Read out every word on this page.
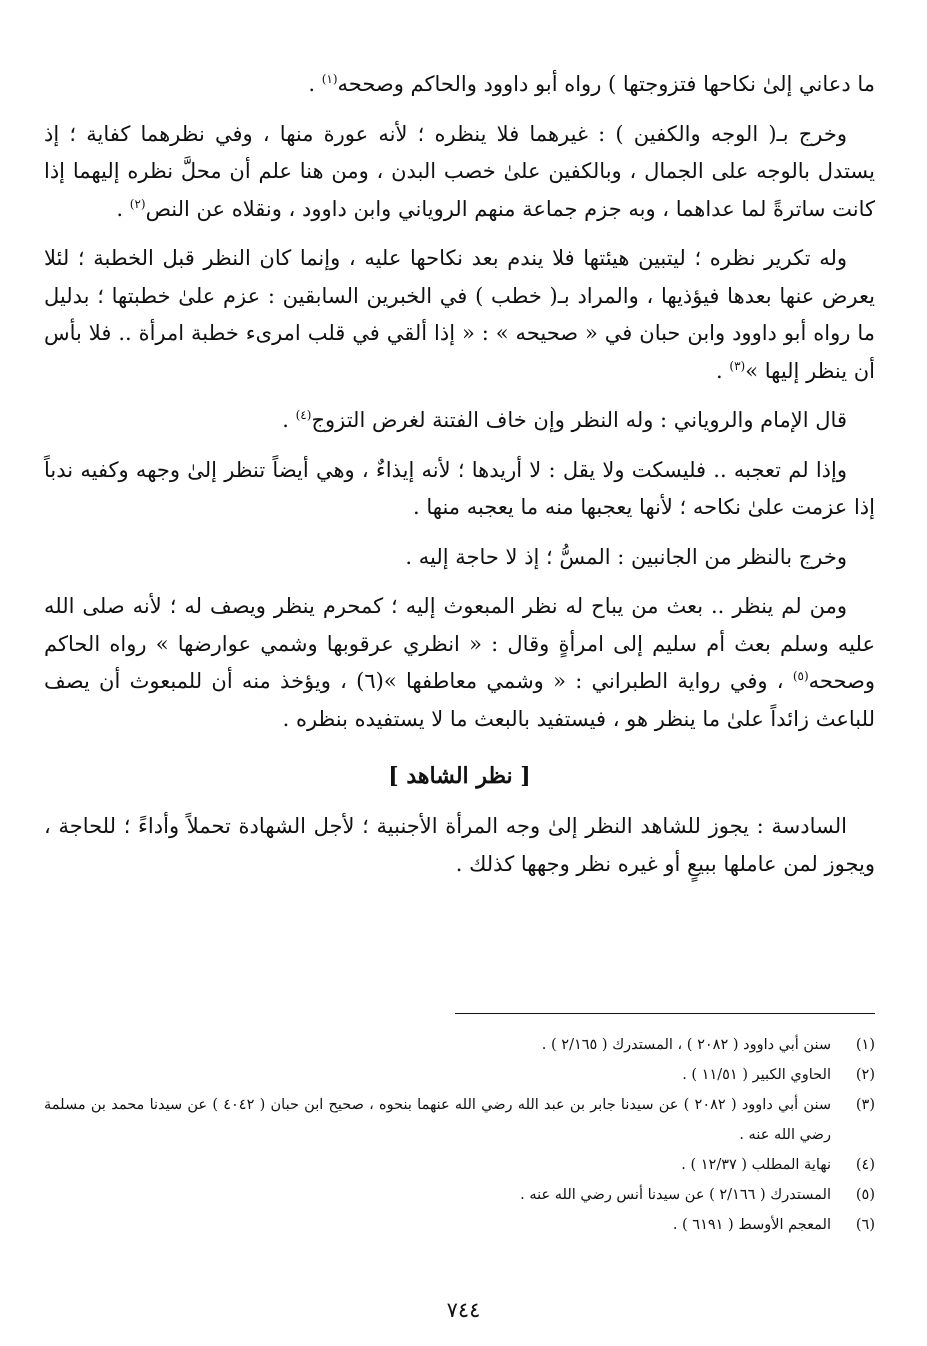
ما دعاني إلىٰ نكاحها فتزوجتها ) رواه أبو داوود والحاكم وصححه$^{(١)}$ .

وخرج بـ( الوجه والكفين ) : غيرهما فلا ينظره ؛ لأنه عورة منها ، وفي نظرهما كفاية ؛ إذ يستدل بالوجه على الجمال ، وبالكفين علىٰ خصب البدن ، ومن هنا علم أن محلَّ نظره إليهما إذا كانت ساترةً لما عداهما ، وبه جزم جماعة منهم الروياني وابن داوود ، ونقلاه عن النص$^{(٢)}$ .

وله تكرير نظره ؛ ليتبين هيئتها فلا يندم بعد نكاحها عليه ، وإنما كان النظر قبل الخطبة ؛ لئلا يعرض عنها بعدها فيؤذيها ، والمراد بـ( خطب ) في الخبرين السابقين : عزم علىٰ خطبتها ؛ بدليل ما رواه أبو داوود وابن حبان في « صحيحه » : « إذا ألقي في قلب امرىء خطبة امرأة .. فلا بأس أن ينظر إليها »$^{(٣)}$ .

قال الإمام والروياني : وله النظر وإن خاف الفتنة لغرض التزوج$^{(٤)}$ .

وإذا لم تعجبه .. فليسكت ولا يقل : لا أريدها ؛ لأنه إيذاءٌ ، وهي أيضاً تنظر إلىٰ وجهه وكفيه ندباً إذا عزمت علىٰ نكاحه ؛ لأنها يعجبها منه ما يعجبه منها .

وخرج بالنظر من الجانبين : المسُّ ؛ إذ لا حاجة إليه .

ومن لم ينظر .. بعث من يباح له نظر المبعوث إليه ؛ كمحرم ينظر ويصف له ؛ لأنه صلى الله عليه وسلم بعث أم سليم إلى امرأةٍ وقال : « انظري عرقوبها وشمي عوارضها » رواه الحاكم وصححه$^{(٥)}$ ، وفي رواية الطبراني : « وشمي معاطفها »(٦) ، ويؤخذ منه أن للمبعوث أن يصف للباعث زائداً علىٰ ما ينظر هو ، فيستفيد بالبعث ما لا يستفيده بنظره .

[ نظر الشاهد ]

السادسة : يجوز للشاهد النظر إلىٰ وجه المرأة الأجنبية ؛ لأجل الشهادة تحملاً وأداءً ؛ للحاجة ، ويجوز لمن عاملها ببيعٍ أو غيره نظر وجهها كذلك .

(١)
سنن أبي داوود ( ٢٠٨٢ ) ، المستدرك ( ٢/١٦٥ ) .
(٢)
الحاوي الكبير ( ١١/٥١ ) .
(٣)
سنن أبي داوود ( ٢٠٨٢ ) عن سيدنا جابر بن عبد الله رضي الله عنهما بنحوه ، صحيح ابن حبان ( ٤٠٤٢ ) عن سيدنا محمد بن مسلمة رضي الله عنه .
(٤)
نهاية المطلب ( ١٢/٣٧ ) .
(٥)
المستدرك ( ٢/١٦٦ ) عن سيدنا أنس رضي الله عنه .
(٦)
المعجم الأوسط ( ٦١٩١ ) .
٧٤٤
